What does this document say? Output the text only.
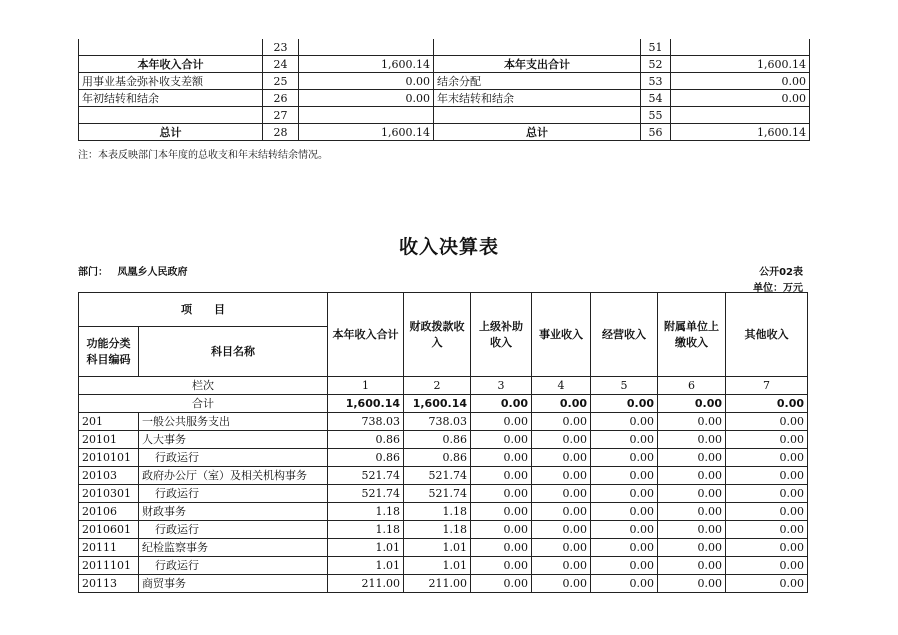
	23			51	
本年收入合计	24	1,600.14	本年支出合计	52	1,600.14
用事业基金弥补收支差额	25	0.00	结余分配	53	0.00
年初结转和结余	26	0.00	年末结转和结余	54	0.00
	27			55	
总计	28	1,600.14	总计	56	1,600.14
注：本表反映部门本年度的总收支和年末结转结余情况。
收入决算表
部门： 凤凰乡人民政府	公开02表
单位：万元
项　　目		本年收入合计	财政拨款收入	上级补助收入	事业收入	经营收入	附属单位上缴收入	其他收入
功能分类科目编码	科目名称							
栏次		1	2	3	4	5	6	7
合计		1,600.14	1,600.14	0.00	0.00	0.00	0.00	0.00
201	一般公共服务支出	738.03	738.03	0.00	0.00	0.00	0.00	0.00
20101	人大事务	0.86	0.86	0.00	0.00	0.00	0.00	0.00
2010101	行政运行	0.86	0.86	0.00	0.00	0.00	0.00	0.00
20103	政府办公厅（室）及相关机构事务	521.74	521.74	0.00	0.00	0.00	0.00	0.00
2010301	行政运行	521.74	521.74	0.00	0.00	0.00	0.00	0.00
20106	财政事务	1.18	1.18	0.00	0.00	0.00	0.00	0.00
2010601	行政运行	1.18	1.18	0.00	0.00	0.00	0.00	0.00
20111	纪检监察事务	1.01	1.01	0.00	0.00	0.00	0.00	0.00
2011101	行政运行	1.01	1.01	0.00	0.00	0.00	0.00	0.00
20113	商贸事务	211.00	211.00	0.00	0.00	0.00	0.00	0.00
